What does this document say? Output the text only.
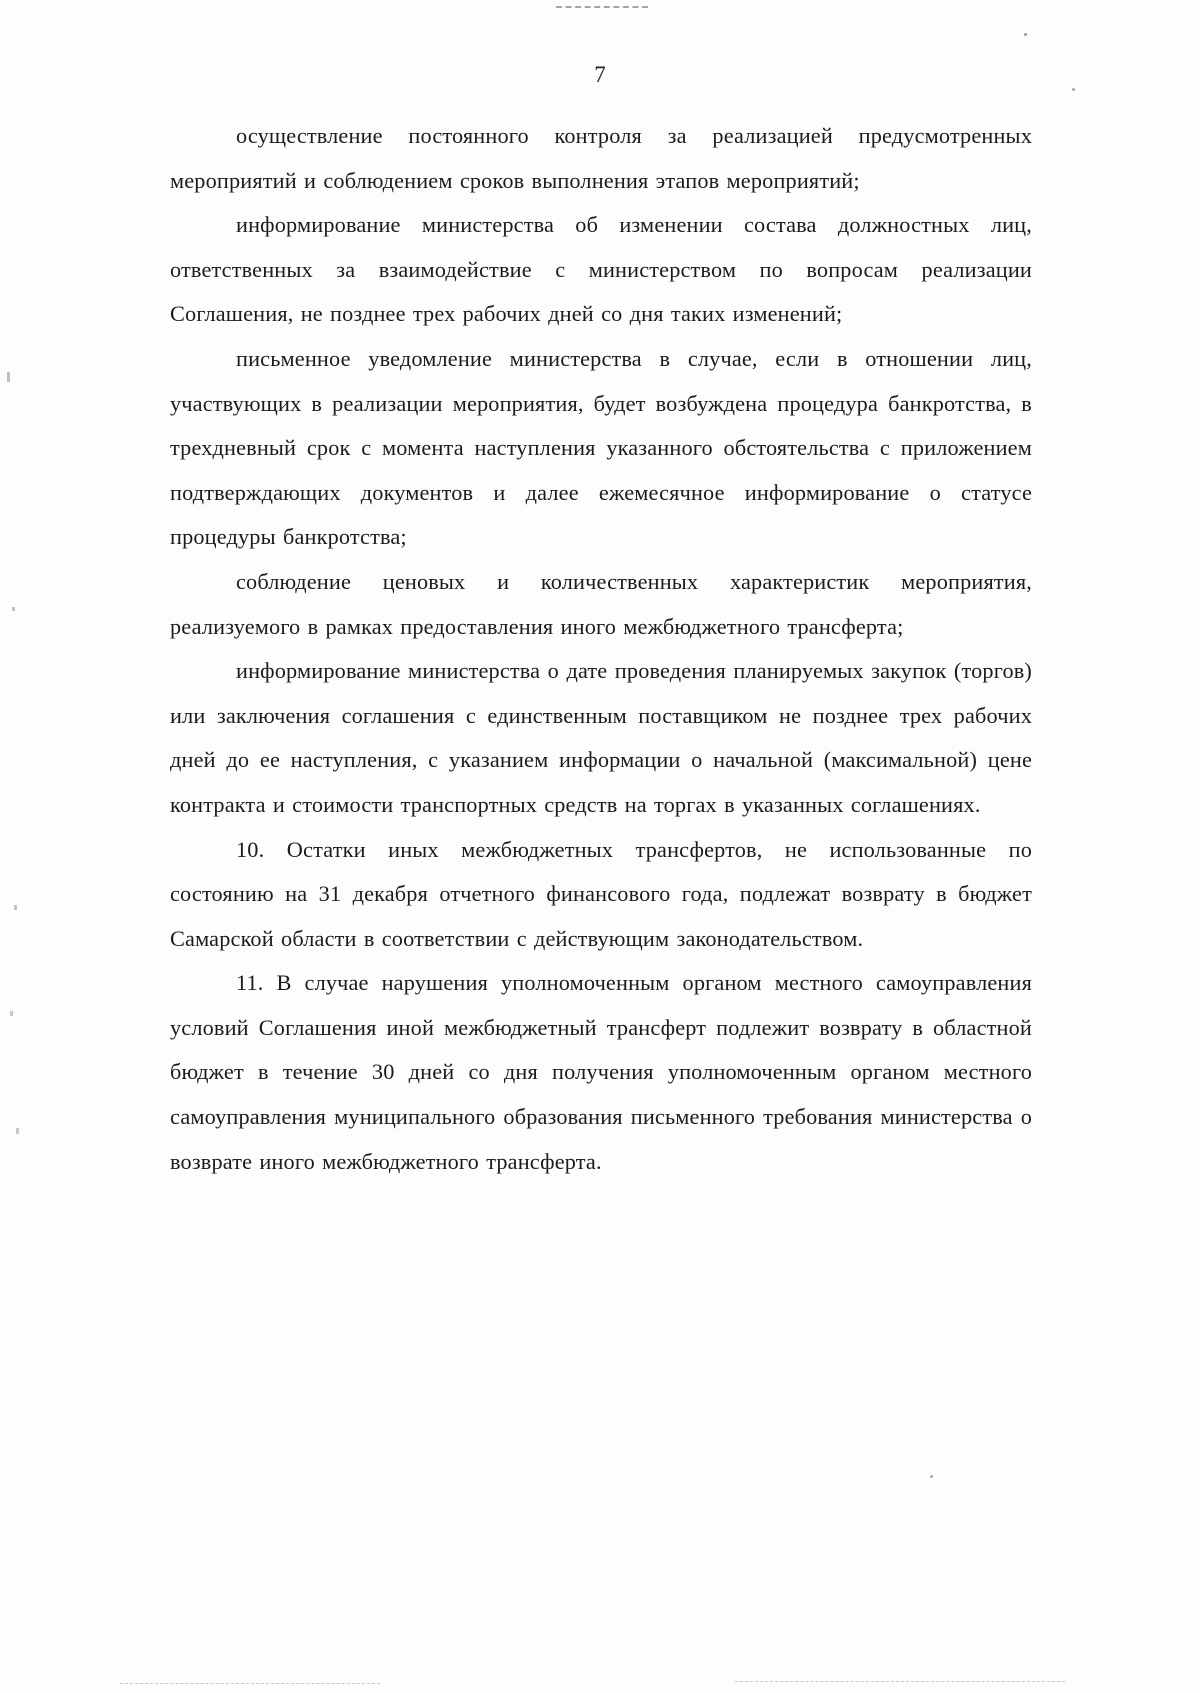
7

осуществление постоянного контроля за реализацией предусмотренных мероприятий и соблюдением сроков выполнения этапов мероприятий;

информирование министерства об изменении состава должностных лиц, ответственных за взаимодействие с министерством по вопросам реализации Соглашения, не позднее трех рабочих дней со дня таких изменений;

письменное уведомление министерства в случае, если в отношении лиц, участвующих в реализации мероприятия, будет возбуждена процедура банкротства, в трехдневный срок с момента наступления указанного обстоятельства с приложением подтверждающих документов и далее ежемесячное информирование о статусе процедуры банкротства;

соблюдение ценовых и количественных характеристик мероприятия, реализуемого в рамках предоставления иного межбюджетного трансферта;

информирование министерства о дате проведения планируемых закупок (торгов) или заключения соглашения с единственным поставщиком не позднее трех рабочих дней до ее наступления, с указанием информации о начальной (максимальной) цене контракта и стоимости транспортных средств на торгах в указанных соглашениях.

10. Остатки иных межбюджетных трансфертов, не использованные по состоянию на 31 декабря отчетного финансового года, подлежат возврату в бюджет Самарской области в соответствии с действующим законодательством.

11. В случае нарушения уполномоченным органом местного самоуправления условий Соглашения иной межбюджетный трансферт подлежит возврату в областной бюджет в течение 30 дней со дня получения уполномоченным органом местного самоуправления муниципального образования письменного требования министерства о возврате иного межбюджетного трансферта.
